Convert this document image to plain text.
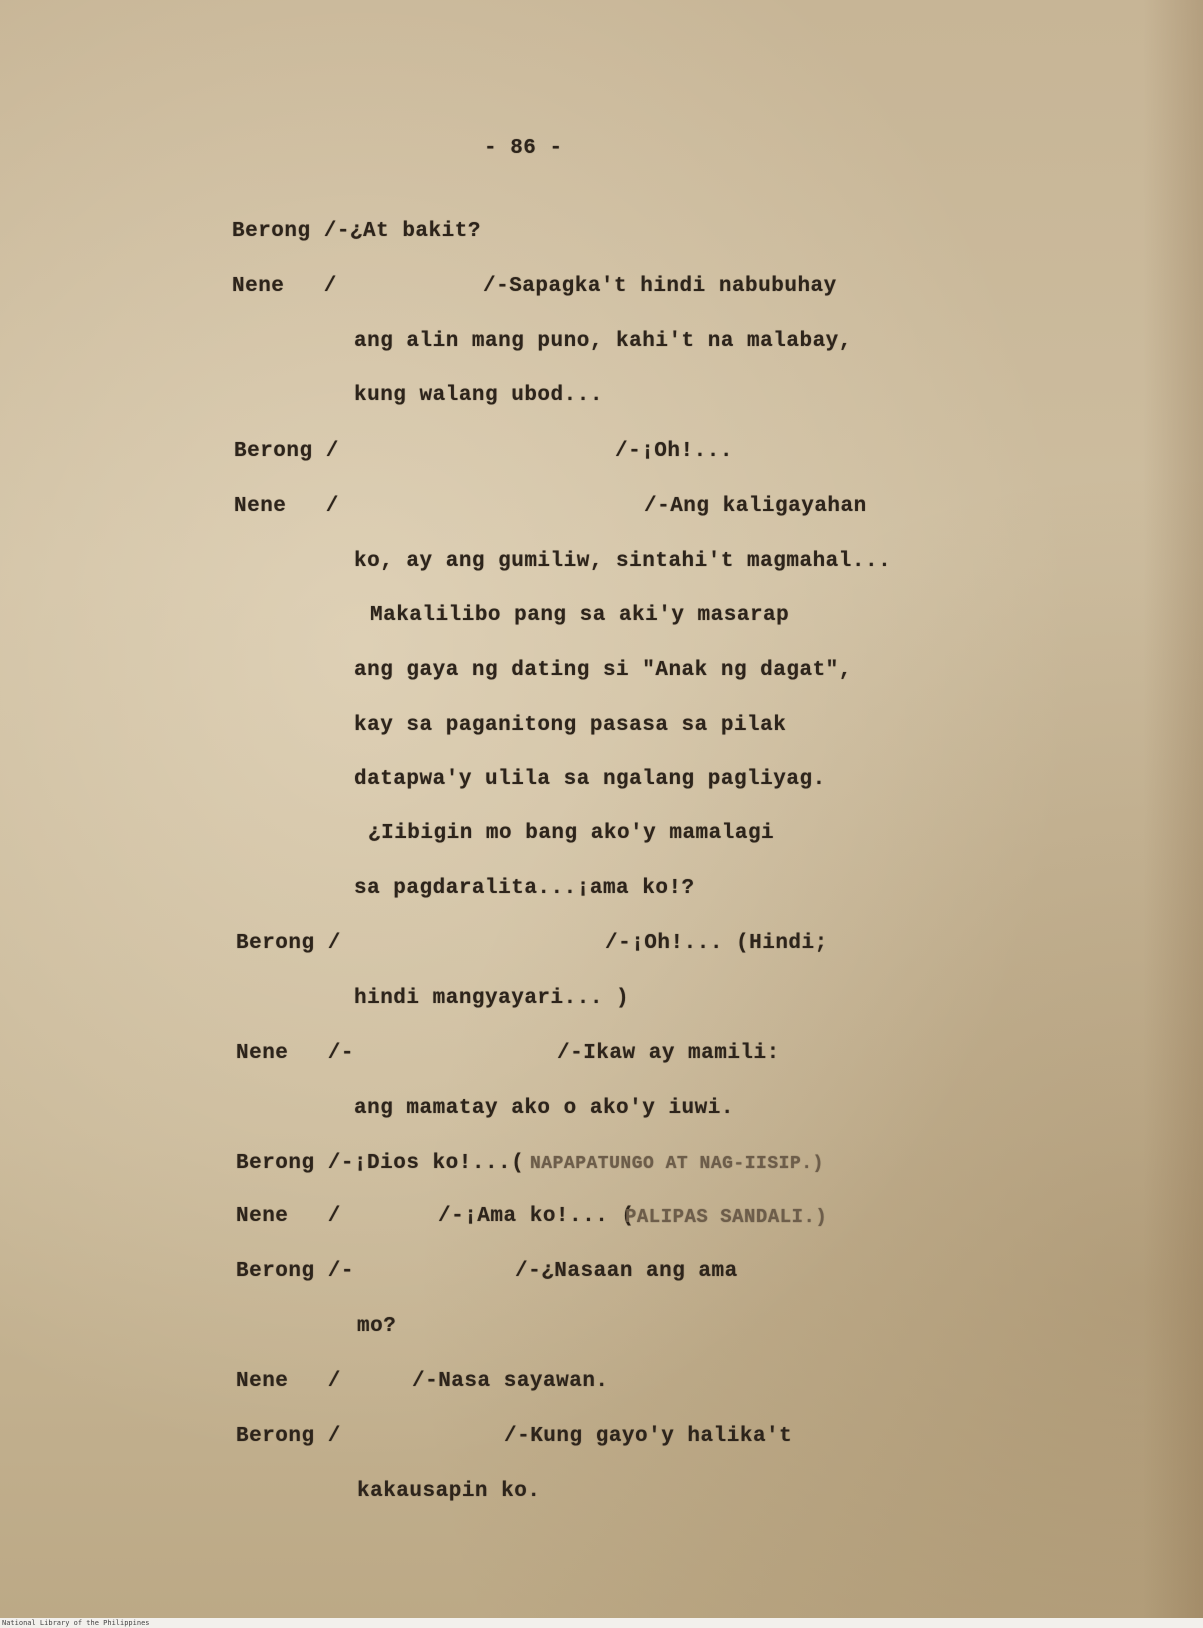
- 86 -
Berong /-¿At bakit?
Nene   /	/-Sapagka't hindi nabubuhay
ang alin mang puno, kahi't na malabay,
kung walang ubod...
Berong /	/-¡Oh!...
Nene   /	/-Ang kaligayahan
ko, ay ang gumiliw, sintahi't magmahal...
Makalilibo pang sa aki'y masarap
ang gaya ng dating si "Anak ng dagat",
kay sa paganitong pasasa sa pilak
datapwa'y ulila sa ngalang pagliyag.
¿Iibigin mo bang ako'y mamalagi
sa pagdaralita...¡ama ko!?
Berong /	/-¡Oh!... (Hindi;
hindi mangyayari... )
Nene   /-	/-Ikaw ay mamili:
ang mamatay ako o ako'y iuwi.
Berong /-¡Dios ko!...( NAPAPATUNGO AT NAG-IISIP.)
Nene   /	/-¡Ama ko!... (
PALIPAS SANDALI.)
Berong /-	/-¿Nasaan ang ama
mo?
Nene   /	/-Nasa sayawan.
Berong /	/-Kung gayo'y halika't
kakausapin ko.
National Library of the Philippines
